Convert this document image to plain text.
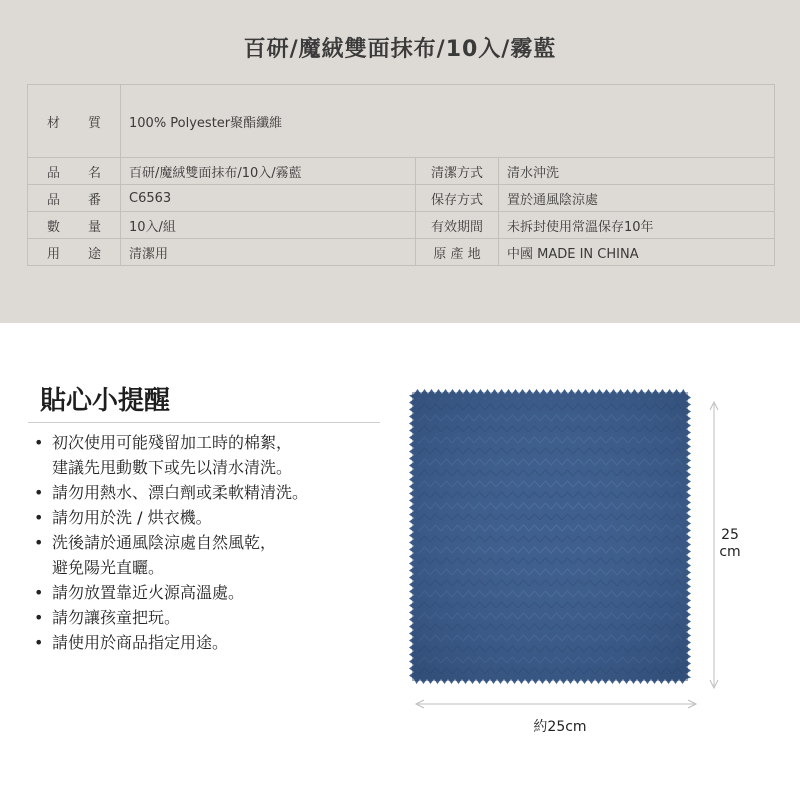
百研/魔絨雙面抹布/10入/霧藍
材 質	100% Polyester聚酯纖維		
品 名	百研/魔絨雙面抹布/10入/霧藍	清潔方式	清水沖洗
品 番	C6563	保存方式	置於通風陰涼處
數 量	10入/組	有效期間	未拆封使用常溫保存10年
用 途	清潔用	原 產 地	中國 MADE IN CHINA
貼心小提醒
• 初次使用可能殘留加工時的棉絮，
建議先甩動數下或先以清水清洗。
• 請勿用熱水、漂白劑或柔軟精清洗。
• 請勿用於洗 / 烘衣機。
• 洗後請於通風陰涼處自然風乾，
避免陽光直曬。
• 請勿放置靠近火源高溫處。
• 請勿讓孩童把玩。
• 請使用於商品指定用途。
25
cm
約25cm
